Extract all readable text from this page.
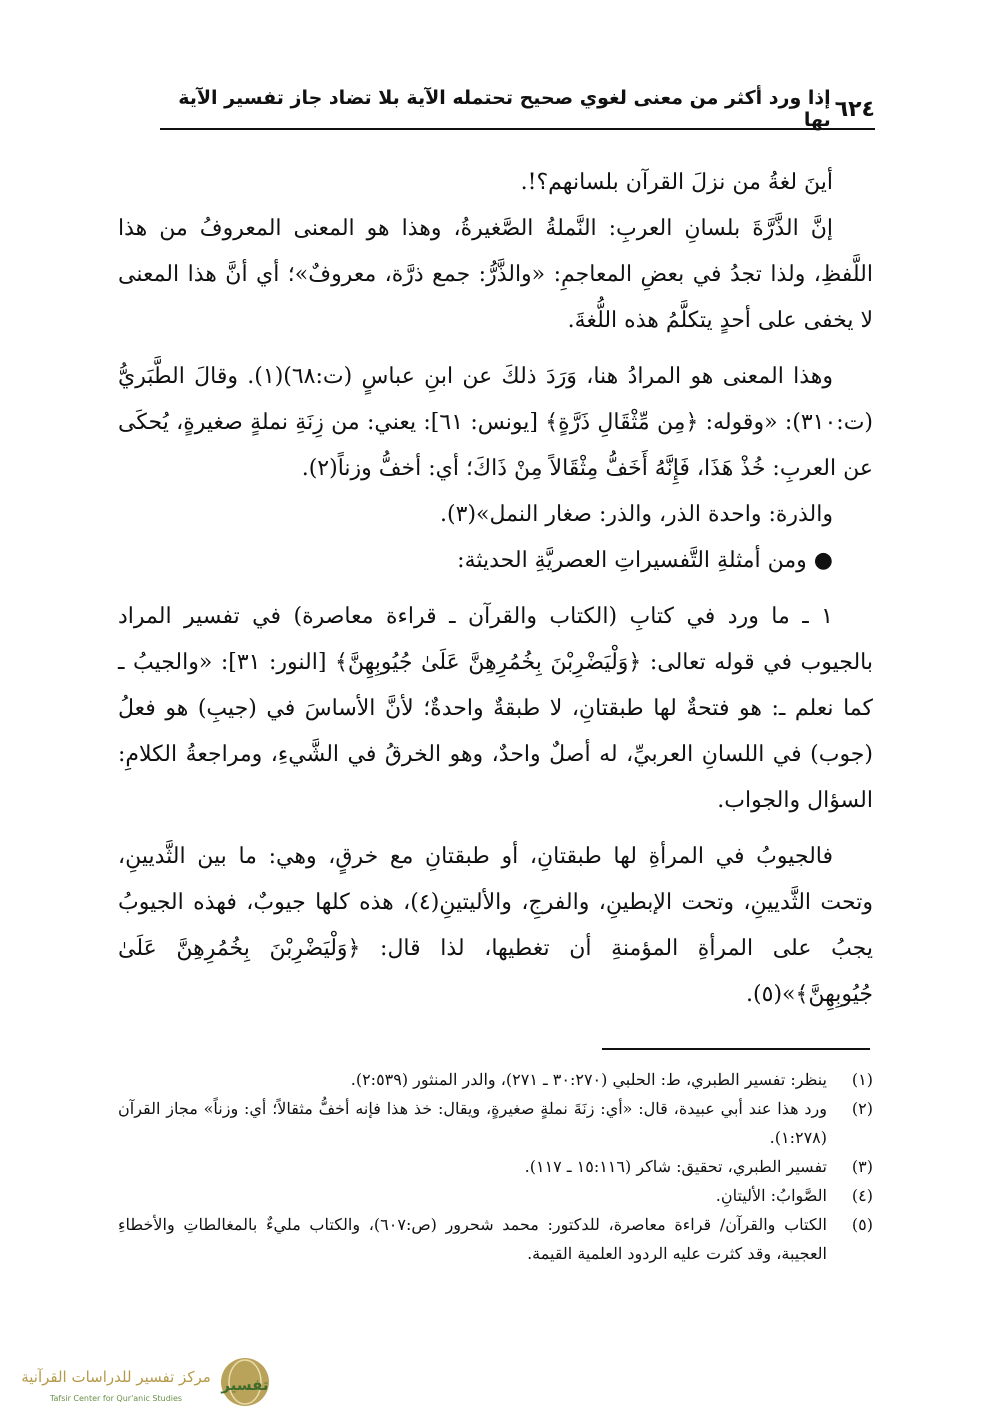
٦٢٤
إذا ورد أكثر من معنى لغوي صحيح تحتمله الآية بلا تضاد جاز تفسير الآية بها

أينَ لغةُ من نزلَ القرآن بلسانهم؟!.

إنَّ الذَّرَّةَ بلسانِ العربِ: النَّملةُ الصَّغيرةُ، وهذا هو المعنى المعروفُ من هذا اللَّفظِ، ولذا تجدُ في بعضِ المعاجمِ: «والذَّرُّ: جمع ذرَّة، معروفٌ»؛ أي أنَّ هذا المعنى لا يخفى على أحدٍ يتكلَّمُ هذه اللُّغةَ.

وهذا المعنى هو المرادُ هنا، وَرَدَ ذلكَ عن ابنِ عباسٍ (ت:٦٨)(١). وقالَ الطَّبَريُّ (ت:٣١٠): «وقوله: ﴿مِن مِّثْقَالِ ذَرَّةٍ﴾ [يونس: ٦١]: يعني: من زِنَةِ نملةٍ صغيرةٍ، يُحكَى عن العربِ: خُذْ هَذَا، فَإِنَّهُ أَخَفُّ مِثْقَالاً مِنْ ذَاكَ؛ أي: أخفُّ وزناً(٢).

والذرة: واحدة الذر، والذر: صغار النمل»(٣).

● ومن أمثلةِ التَّفسيراتِ العصريَّةِ الحديثة:

١ ـ ما ورد في كتابِ (الكتاب والقرآن ـ قراءة معاصرة) في تفسير المراد بالجيوب في قوله تعالى: ﴿وَلْيَضْرِبْنَ بِخُمُرِهِنَّ عَلَىٰ جُيُوبِهِنَّ﴾ [النور: ٣١]: «والجيبُ ـ كما نعلم ـ: هو فتحةٌ لها طبقتانِ، لا طبقةٌ واحدةٌ؛ لأنَّ الأساسَ في (جيبِ) هو فعلُ (جوب) في اللسانِ العربيِّ، له أصلٌ واحدٌ، وهو الخرقُ في الشَّيءِ، ومراجعةُ الكلامِ: السؤال والجواب.

فالجيوبُ في المرأةِ لها طبقتانِ، أو طبقتانِ مع خرقٍ، وهي: ما بين الثَّديينِ، وتحت الثَّديينِ، وتحت الإبطينِ، والفرجِ، والأليتينِ(٤)، هذه كلها جيوبٌ، فهذه الجيوبُ يجبُ على المرأةِ المؤمنةِ أن تغطيها، لذا قال: ﴿وَلْيَضْرِبْنَ بِخُمُرِهِنَّ عَلَىٰ جُيُوبِهِنَّ﴾»(٥).

(١)
ينظر: تفسير الطبري، ط: الحلبي (٣٠:٢٧٠ ـ ٢٧١)، والدر المنثور (٢:٥٣٩).
(٢)
ورد هذا عند أبي عبيدة، قال: «أي: زنَةَ نملةٍ صغيرةٍ، ويقال: خذ هذا فإنه أخفُّ مثقالاً؛ أي: وزناً» مجاز القرآن (١:٢٧٨).
(٣)
تفسير الطبري، تحقيق: شاكر (١٥:١١٦ ـ ١١٧).
(٤)
الصَّوابُ: الأليتانِ.
(٥)
الكتاب والقرآن/ قراءة معاصرة، للدكتور: محمد شحرور (ص:٦٠٧)، والكتاب مليءٌ بالمغالطاتِ والأخطاءِ العجيبة، وقد كثرت عليه الردود العلمية القيمة.
تفسير
مركز تفسير للدراسات القرآنية
Tafsir Center for Qur'anic Studies
